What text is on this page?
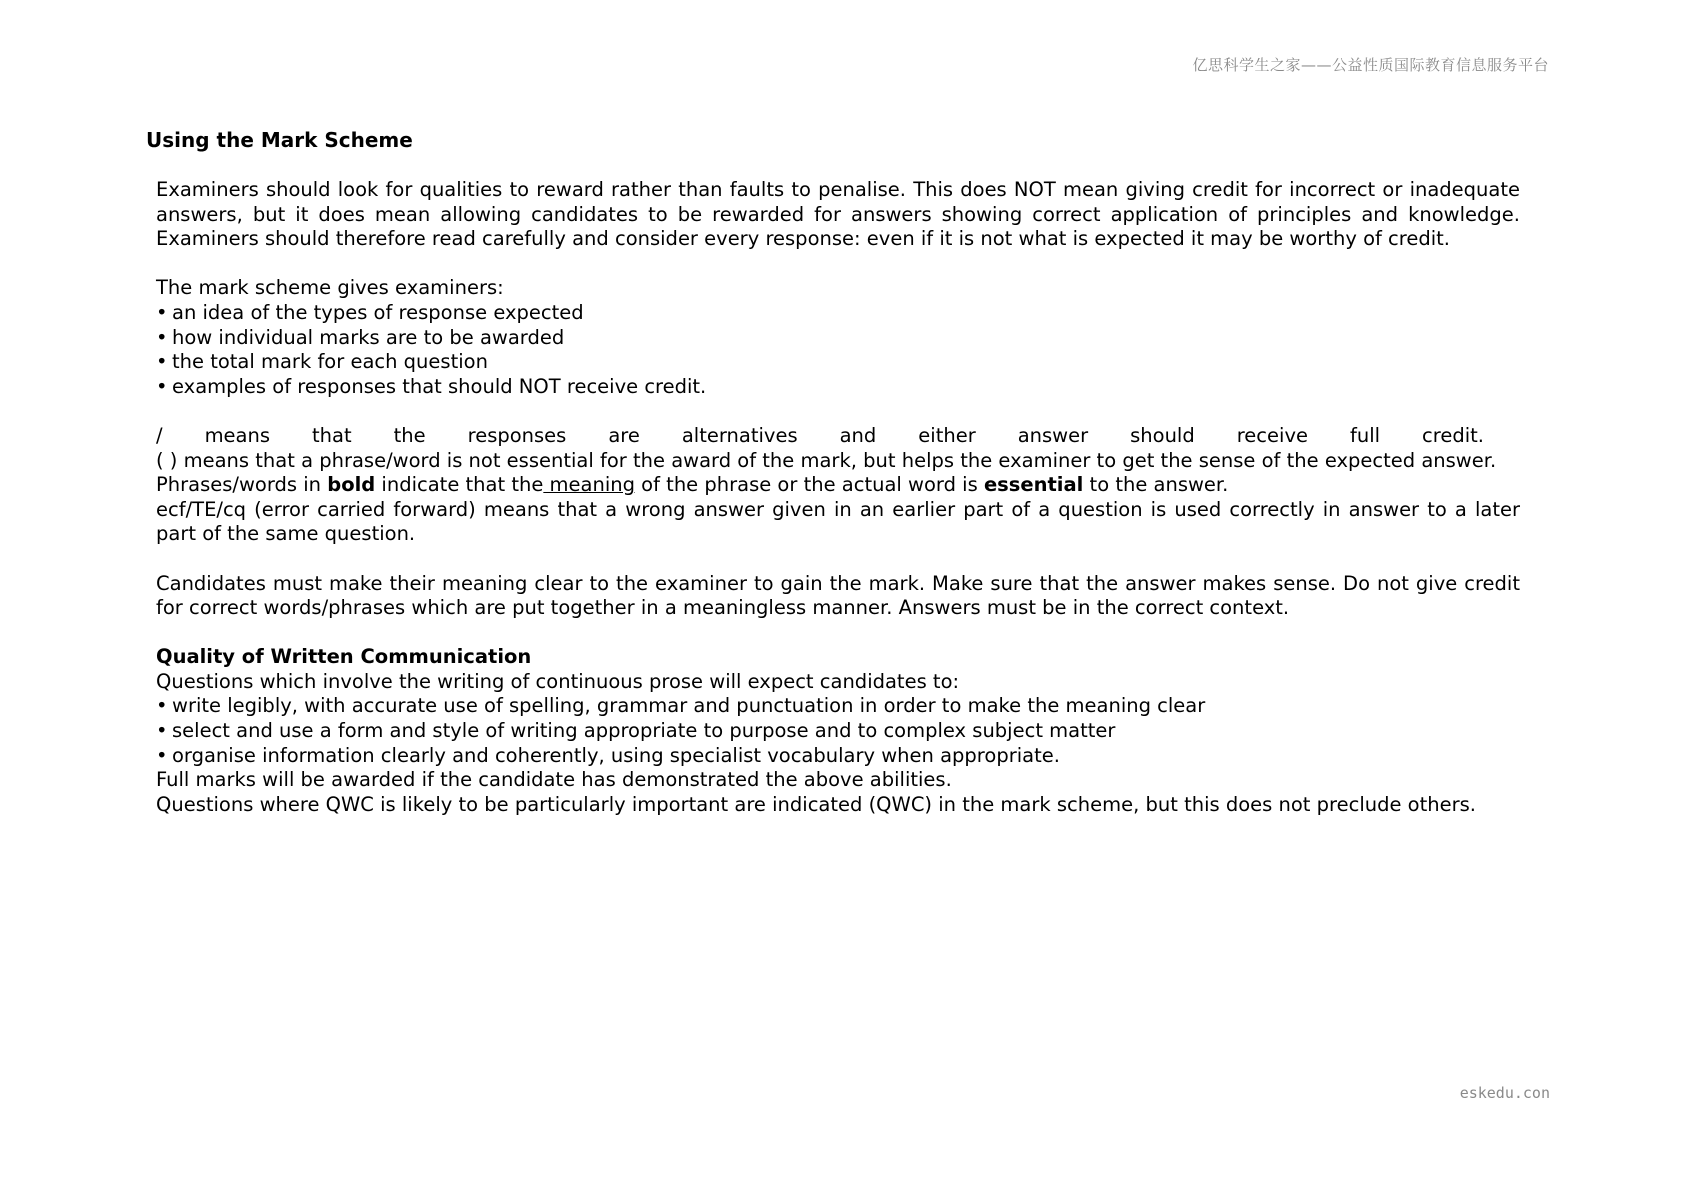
亿思科学生之家——公益性质国际教育信息服务平台
Using the Mark Scheme

Examiners should look for qualities to reward rather than faults to penalise. This does NOT mean giving credit for incorrect or inadequate answers, but it does mean allowing candidates to be rewarded for answers showing correct application of principles and knowledge. Examiners should therefore read carefully and consider every response: even if it is not what is expected it may be worthy of credit.

The mark scheme gives examiners:

• an idea of the types of response expected

• how individual marks are to be awarded

• the total mark for each question

• examples of responses that should NOT receive credit.

/ means that the responses are alternatives and either answer should receive full credit.

( ) means that a phrase/word is not essential for the award of the mark, but helps the examiner to get the sense of the expected answer.

Phrases/words in bold indicate that the meaning of the phrase or the actual word is essential to the answer.

ecf/TE/cq (error carried forward) means that a wrong answer given in an earlier part of a question is used correctly in answer to a later part of the same question.

Candidates must make their meaning clear to the examiner to gain the mark. Make sure that the answer makes sense. Do not give credit for correct words/phrases which are put together in a meaningless manner. Answers must be in the correct context.

Quality of Written Communication

Questions which involve the writing of continuous prose will expect candidates to:

• write legibly, with accurate use of spelling, grammar and punctuation in order to make the meaning clear

• select and use a form and style of writing appropriate to purpose and to complex subject matter

• organise information clearly and coherently, using specialist vocabulary when appropriate.

Full marks will be awarded if the candidate has demonstrated the above abilities.

Questions where QWC is likely to be particularly important are indicated (QWC) in the mark scheme, but this does not preclude others.

eskedu.con
